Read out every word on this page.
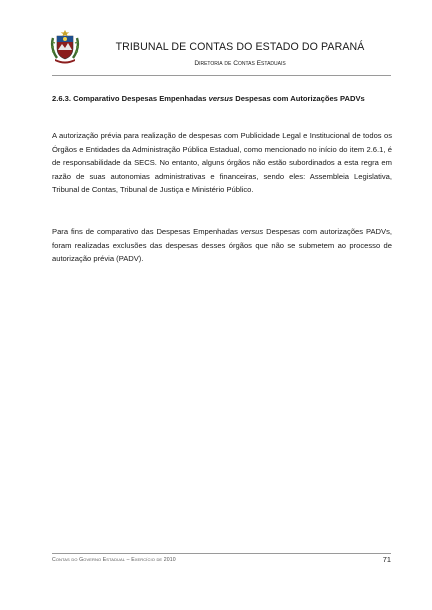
TRIBUNAL DE CONTAS DO ESTADO DO PARANÁ
Diretoria de Contas Estaduais
2.6.3. Comparativo Despesas Empenhadas versus Despesas com Autorizações PADVs
A autorização prévia para realização de despesas com Publicidade Legal e Institucional de todos os Órgãos e Entidades da Administração Pública Estadual, como mencionado no início do item 2.6.1, é de responsabilidade da SECS. No entanto, alguns órgãos não estão subordinados a esta regra em razão de suas autonomias administrativas e financeiras, sendo eles: Assembleia Legislativa, Tribunal de Contas, Tribunal de Justiça e Ministério Público.
Para fins de comparativo das Despesas Empenhadas versus Despesas com autorizações PADVs, foram realizadas exclusões das despesas desses órgãos que não se submetem ao processo de autorização prévia (PADV).
Contas do Governo Estadual – Exercício de 2010	71
